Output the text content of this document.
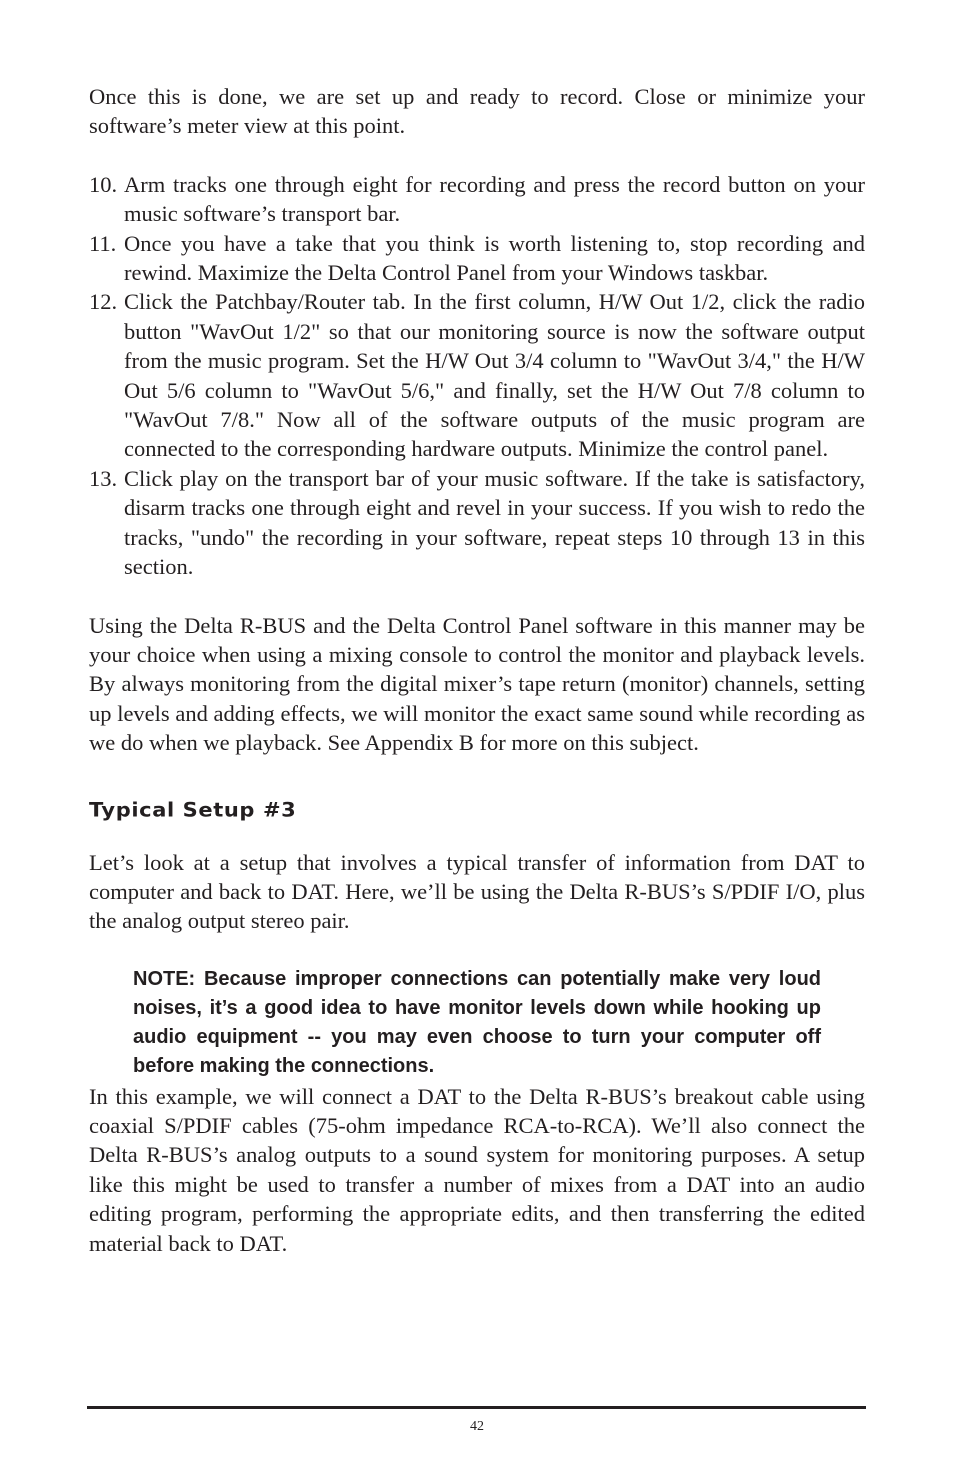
Once this is done, we are set up and ready to record. Close or minimize your software’s meter view at this point.

10. Arm tracks one through eight for recording and press the record button on your music software’s transport bar.
11. Once you have a take that you think is worth listening to, stop recording and rewind. Maximize the Delta Control Panel from your Windows taskbar.
12. Click the Patchbay/Router tab. In the first column, H/W Out 1/2, click the radio button "WavOut 1/2" so that our monitoring source is now the software output from the music program. Set the H/W Out 3/4 column to "WavOut 3/4," the H/W Out 5/6 column to "WavOut 5/6," and finally, set the H/W Out 7/8 column to "WavOut 7/8." Now all of the software outputs of the music program are connected to the corresponding hardware outputs. Minimize the control panel.
13. Click play on the transport bar of your music software. If the take is satisfactory, disarm tracks one through eight and revel in your success. If you wish to redo the tracks, "undo" the recording in your software, repeat steps 10 through 13 in this section.

Using the Delta R-BUS and the Delta Control Panel software in this manner may be your choice when using a mixing console to control the monitor and playback levels. By always monitoring from the digital mixer’s tape return (monitor) channels, setting up levels and adding effects, we will monitor the exact same sound while recording as we do when we playback. See Appendix B for more on this subject.

Typical Setup #3

Let’s look at a setup that involves a typical transfer of information from DAT to computer and back to DAT. Here, we’ll be using the Delta R-BUS’s S/PDIF I/O, plus the analog output stereo pair.

NOTE: Because improper connections can potentially make very loud noises, it’s a good idea to have monitor levels down while hooking up audio equipment -- you may even choose to turn your computer off before making the connections.

In this example, we will connect a DAT to the Delta R-BUS’s breakout cable using coaxial S/PDIF cables (75-ohm impedance RCA-to-RCA). We’ll also connect the Delta R-BUS’s analog outputs to a sound system for monitoring purposes. A setup like this might be used to transfer a number of mixes from a DAT into an audio editing program, performing the appropriate edits, and then transferring the edited material back to DAT.

42
